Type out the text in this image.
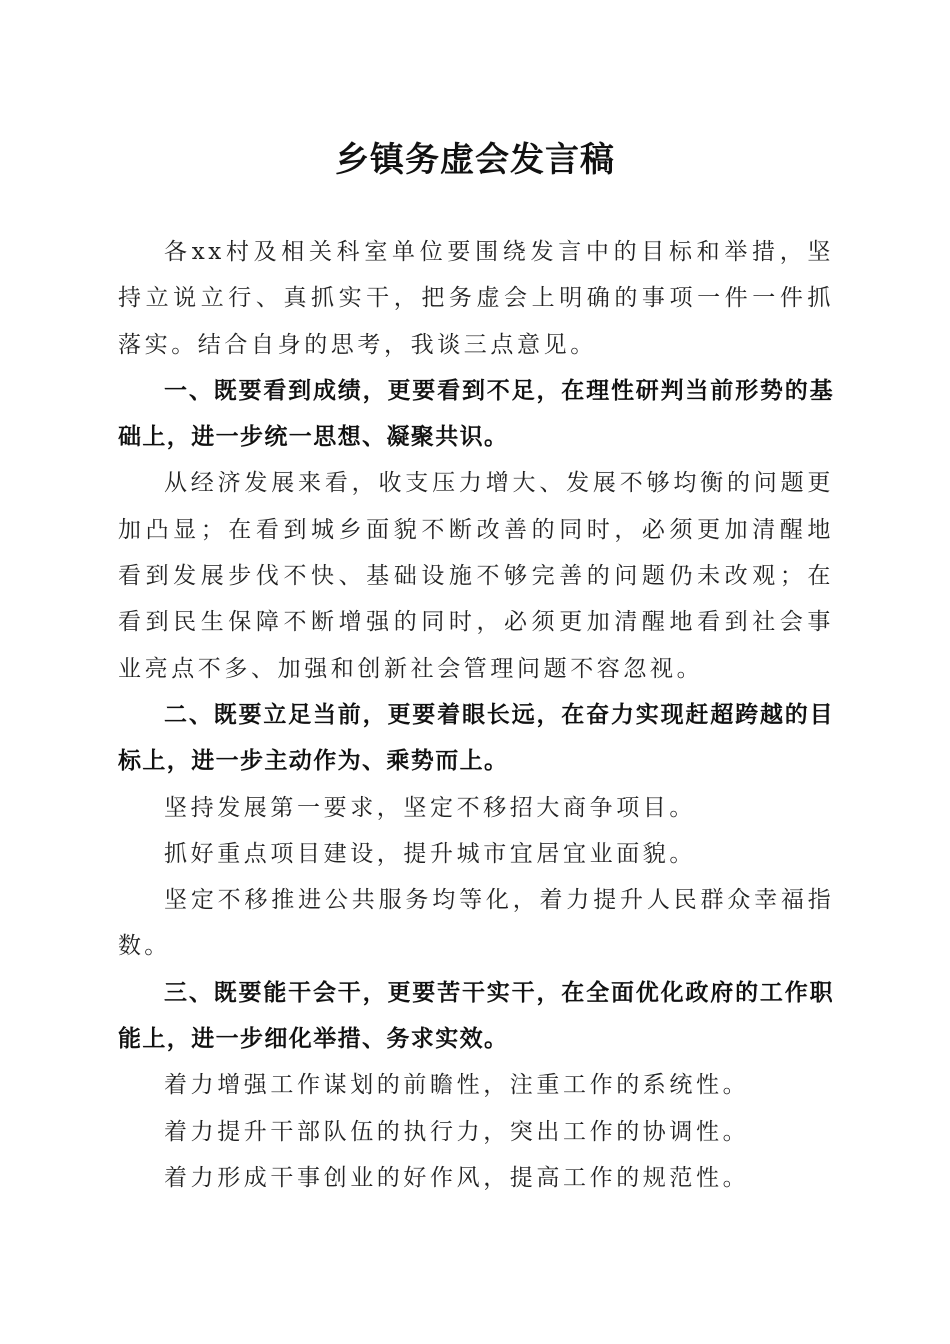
乡镇务虚会发言稿

各xx村及相关科室单位要围绕发言中的目标和举措，坚持立说立行、真抓实干，把务虚会上明确的事项一件一件抓落实。结合自身的思考，我谈三点意见。

一、既要看到成绩，更要看到不足，在理性研判当前形势的基础上，进一步统一思想、凝聚共识。

从经济发展来看，收支压力增大、发展不够均衡的问题更加凸显；在看到城乡面貌不断改善的同时，必须更加清醒地看到发展步伐不快、基础设施不够完善的问题仍未改观；在看到民生保障不断增强的同时，必须更加清醒地看到社会事业亮点不多、加强和创新社会管理问题不容忽视。

二、既要立足当前，更要着眼长远，在奋力实现赶超跨越的目标上，进一步主动作为、乘势而上。

坚持发展第一要求，坚定不移招大商争项目。

抓好重点项目建设，提升城市宜居宜业面貌。

坚定不移推进公共服务均等化，着力提升人民群众幸福指数。

三、既要能干会干，更要苦干实干，在全面优化政府的工作职能上，进一步细化举措、务求实效。

着力增强工作谋划的前瞻性，注重工作的系统性。

着力提升干部队伍的执行力，突出工作的协调性。

着力形成干事创业的好作风，提高工作的规范性。
